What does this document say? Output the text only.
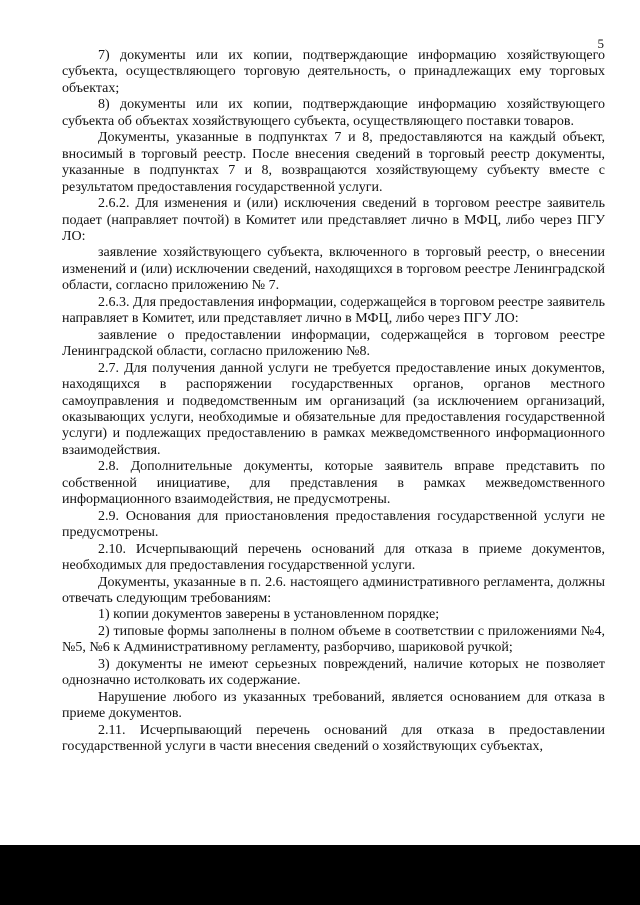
5

7) документы или их копии, подтверждающие информацию хозяйствующего субъекта, осуществляющего торговую деятельность, о принадлежащих ему торговых объектах;

8) документы или их копии, подтверждающие информацию хозяйствующего субъекта об объектах хозяйствующего субъекта, осуществляющего поставки товаров.

Документы, указанные в подпунктах 7 и 8, предоставляются на каждый объект, вносимый в торговый реестр. После внесения сведений в торговый реестр документы, указанные в подпунктах 7 и 8, возвращаются хозяйствующему субъекту вместе с результатом предоставления государственной услуги.

2.6.2. Для изменения и (или) исключения сведений в торговом реестре заявитель подает (направляет почтой) в Комитет или представляет лично в МФЦ, либо через ПГУ ЛО:

заявление хозяйствующего субъекта, включенного в торговый реестр, о внесении изменений и (или) исключении сведений, находящихся в торговом реестре Ленинградской области, согласно приложению № 7.

2.6.3. Для предоставления информации, содержащейся в торговом реестре заявитель направляет в Комитет, или представляет лично в МФЦ, либо через ПГУ ЛО:

заявление о предоставлении информации, содержащейся в торговом реестре Ленинградской области, согласно приложению №8.

2.7. Для получения данной услуги не требуется предоставление иных документов, находящихся в распоряжении государственных органов, органов местного самоуправления и подведомственным им организаций (за исключением организаций, оказывающих услуги, необходимые и обязательные для предоставления государственной услуги) и подлежащих предоставлению в рамках межведомственного информационного взаимодействия.

2.8. Дополнительные документы, которые заявитель вправе представить по собственной инициативе, для представления в рамках межведомственного информационного взаимодействия, не предусмотрены.

2.9. Основания для приостановления предоставления государственной услуги не предусмотрены.

2.10. Исчерпывающий перечень оснований для отказа в приеме документов, необходимых для предоставления государственной услуги.

Документы, указанные в п. 2.6. настоящего административного регламента, должны отвечать следующим требованиям:

1) копии документов заверены в установленном порядке;

2) типовые формы заполнены в полном объеме в соответствии с приложениями №4, №5, №6 к Административному регламенту, разборчиво, шариковой ручкой;

3) документы не имеют серьезных повреждений, наличие которых не позволяет однозначно истолковать их содержание.

Нарушение любого из указанных требований, является основанием для отказа в приеме документов.

2.11. Исчерпывающий перечень оснований для отказа в предоставлении государственной услуги в части внесения сведений о хозяйствующих субъектах,
